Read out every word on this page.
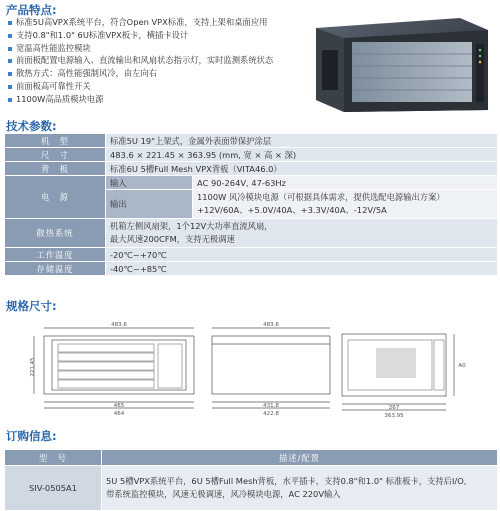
产品特点:
标准5U高VPX系统平台，符合Open VPX标准，支持上架和桌面应用
支持0.8"和1.0" 6U标准VPX板卡，横插卡设计
宽温高性能监控模块
前面板配置电源输入、直流输出和风扇状态指示灯，实时监测系统状态
散热方式：高性能强制风冷，由左向右
前面板高可靠性开关
1100W高品质模块电源
技术参数:
机　型	标准5U 19"上架式，金属外表面带保护涂层	
尺　寸	483.6 × 221.45 × 363.95 (mm, 宽 × 高 × 深)	
背　板	标准6U 5槽Full Mesh VPX背板（VITA46.0）	
电　源	输入	AC 90-264V, 47-63Hz
	输出	1100W 风冷模块电源（可根据具体需求，提供选配电源输出方案）
+12V/60A、+5.0V/40A、+3.3V/40A、-12V/5A

散热系统	机箱左侧风扇架，1个12V大功率直流风扇，
最大风速200CFM，支持无极调速	

工作温度	-20℃~+70℃	
存储温度	-40℃~+85℃	
规格尺寸:
483.6
465
464
483.6
431.8
422.8
267
363.95
A0
221.45
订购信息:
型　号	描述/配置
SIV-0505A1	5U 5槽VPX系统平台，6U 5槽Full Mesh背板，水平插卡，支持0.8"和1.0" 标准板卡，支持后I/O,
带系统监控模块，风速无极调速，风冷模块电源，AC 220V输入
